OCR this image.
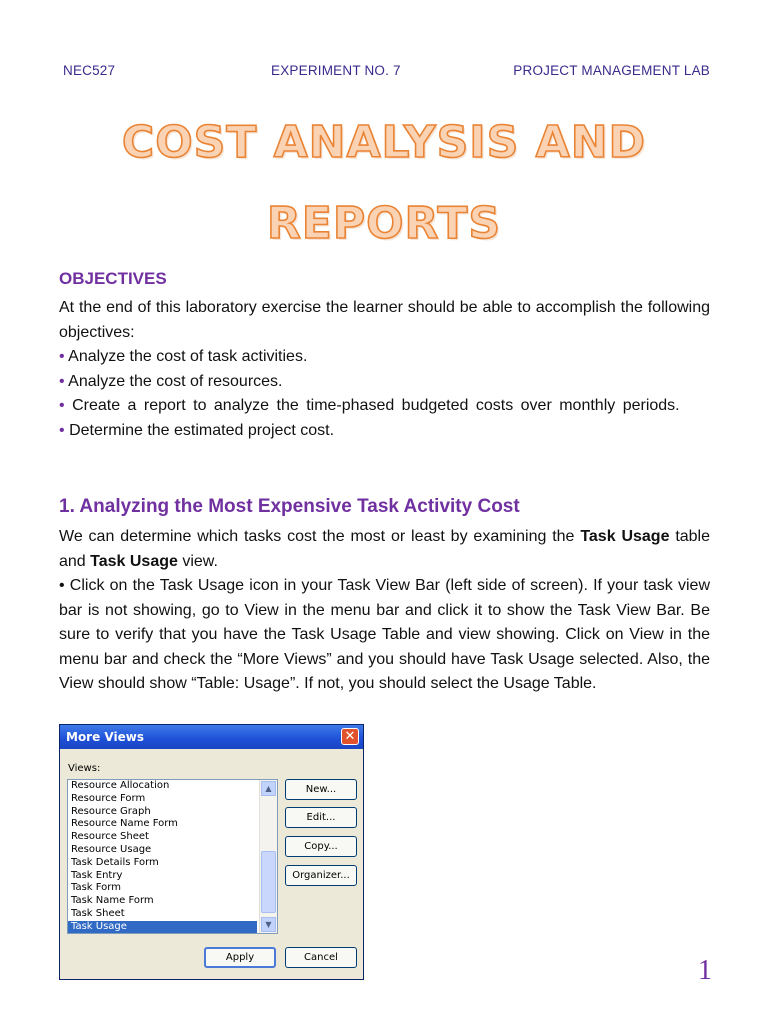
NEC527	EXPERIMENT NO. 7	PROJECT MANAGEMENT LAB
COST ANALYSIS AND
REPORTS
OBJECTIVES
At the end of this laboratory exercise the learner should be able to accomplish the following objectives:
• Analyze the cost of task activities.
• Analyze the cost of resources.
• Create a report to analyze the time-phased budgeted costs over monthly periods.
• Determine the estimated project cost.
1. Analyzing the Most Expensive Task Activity Cost
We can determine which tasks cost the most or least by examining the Task Usage table and Task Usage view.
• Click on the Task Usage icon in your Task View Bar (left side of screen). If your task view bar is not showing, go to View in the menu bar and click it to show the Task View Bar. Be sure to verify that you have the Task Usage Table and view showing. Click on View in the menu bar and check the “More Views” and you should have Task Usage selected. Also, the View should show “Table: Usage”. If not, you should select the Usage Table.
More Views	✕
Views:
Resource Allocation
Resource Form
Resource Graph
Resource Name Form
Resource Sheet
Resource Usage
Task Details Form
Task Entry
Task Form
Task Name Form
Task Sheet
Task Usage
▲
▼
New...
Edit...
Copy...
Organizer...
Apply	Cancel	1
